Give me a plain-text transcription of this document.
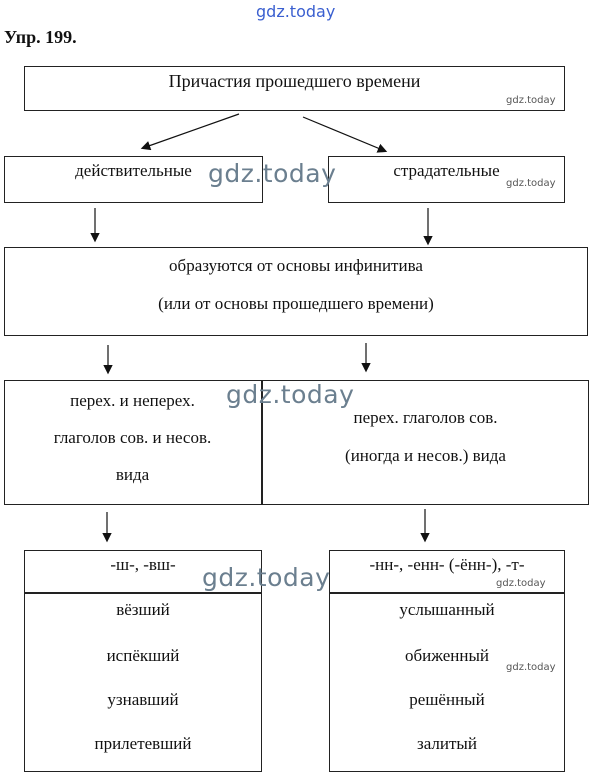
gdz.today
Упр. 199.
Причастия прошедшего времени
gdz.today
действительные	страдательные
gdz.today
gdz.today
образуются от основы инфинитива
(или от основы прошедшего времени)
перех. и неперех.
глаголов сов. и несов.
вида
перех. глаголов сов.
(иногда и несов.) вида
gdz.today
-ш-, -вш-
вёзший
испёкший
узнавший
прилетевший
-нн-, -енн- (-ённ-), -т-
услышанный
обиженный
решённый
залитый
gdz.today
gdz.today
gdz.today
